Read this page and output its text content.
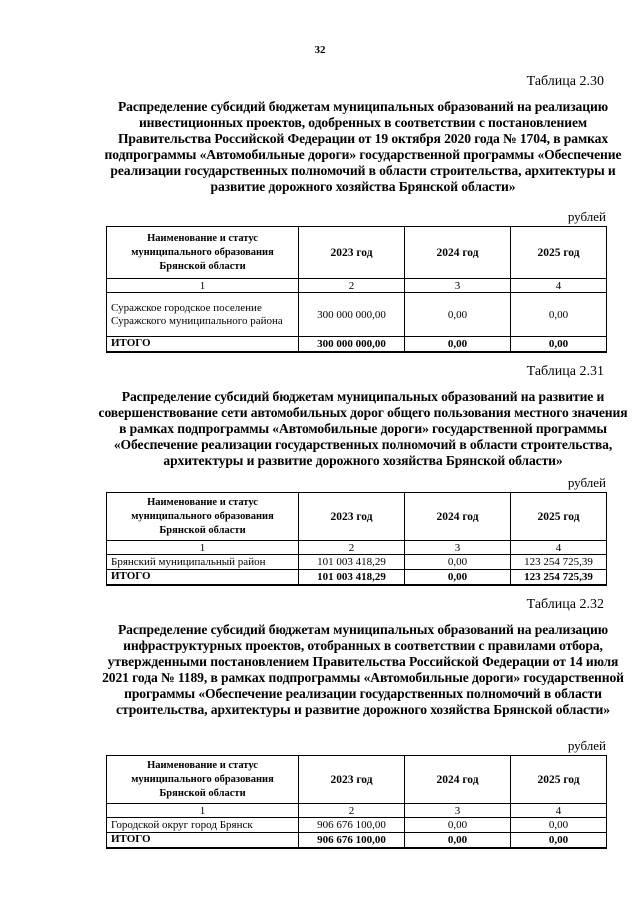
32
Таблица 2.30
Распределение субсидий бюджетам муниципальных образований на реализацию инвестиционных проектов, одобренных в соответствии с постановлением Правительства Российской Федерации от 19 октября 2020 года № 1704, в рамках подпрограммы «Автомобильные дороги» государственной программы «Обеспечение реализации государственных полномочий в области строительства, архитектуры и развитие дорожного хозяйства Брянской области»
рублей
Наименование и статус муниципального образования Брянской области	2023 год	2024 год	2025 год
1	2	3	4
Суражское городское поселение Суражского муниципального района	300 000 000,00	0,00	0,00
ИТОГО	300 000 000,00	0,00	0,00
Таблица 2.31
Распределение субсидий бюджетам муниципальных образований на развитие и совершенствование сети автомобильных дорог общего пользования местного значения в рамках подпрограммы «Автомобильные дороги» государственной программы «Обеспечение реализации государственных полномочий в области строительства, архитектуры и развитие дорожного хозяйства Брянской области»
рублей
Наименование и статус муниципального образования Брянской области	2023 год	2024 год	2025 год
1	2	3	4
Брянский муниципальный район	101 003 418,29	0,00	123 254 725,39
ИТОГО	101 003 418,29	0,00	123 254 725,39
Таблица 2.32
Распределение субсидий бюджетам муниципальных образований на реализацию инфраструктурных проектов, отобранных в соответствии с правилами отбора, утвержденными постановлением Правительства Российской Федерации от 14 июля 2021 года № 1189, в рамках подпрограммы «Автомобильные дороги» государственной программы «Обеспечение реализации государственных полномочий в области строительства, архитектуры и развитие дорожного хозяйства Брянской области»
рублей
Наименование и статус муниципального образования Брянской области	2023 год	2024 год	2025 год
1	2	3	4
Городской округ город Брянск	906 676 100,00	0,00	0,00
ИТОГО	906 676 100,00	0,00	0,00
